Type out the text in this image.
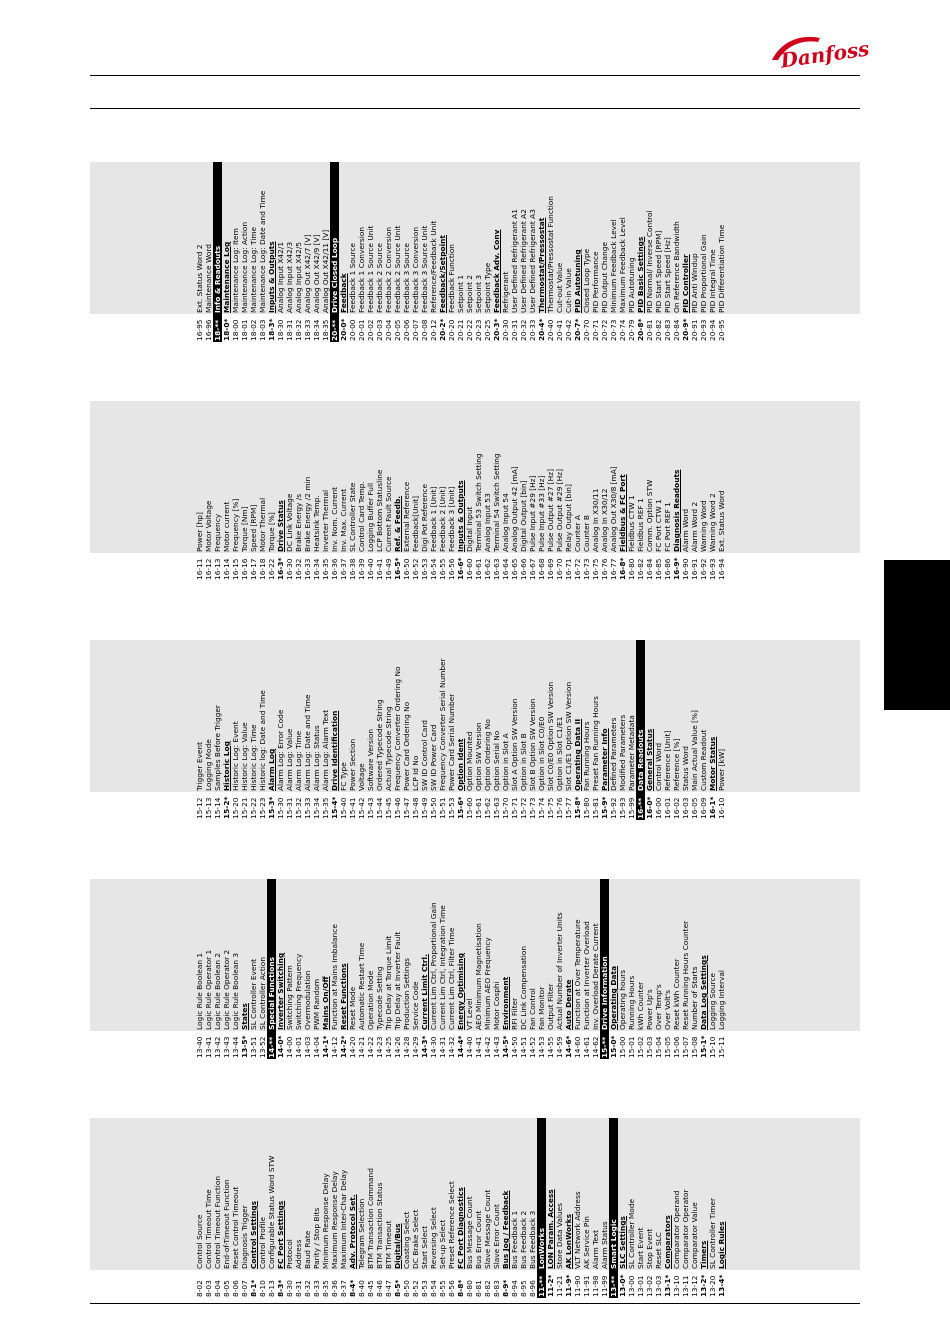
Danfoss
8-02
Control Source
8-03
Control Timeout Time
8-04
Control Timeout Function
8-05
End-of-Timeout Function
8-06
Reset Control Timeout
8-07
Diagnosis Trigger
8-1*
Control Settings
8-10
Control Profile
8-13
Configurable Status Word STW
8-3*
FC Port Settings
8-30
Protocol
8-31
Address
8-32
Baud Rate
8-33
Parity / Stop Bits
8-35
Minimum Response Delay
8-36
Maximum Response Delay
8-37
Maximum Inter-Char Delay
8-4*
Adv. Protocol Set.
8-40
Telegram Selection
8-45
BTM Transaction Command
8-46
BTM Transaction Status
8-47
BTM Timeout
8-5*
Digital/Bus
8-50
Coasting Select
8-52
DC Brake Select
8-53
Start Select
8-54
Reversing Select
8-55
Set-up Select
8-56
Preset Reference Select
8-8*
FC Port Diagnostics
8-80
Bus Message Count
8-81
Bus Error Count
8-82
Slave Message Count
8-83
Slave Error Count
8-9*
Bus Jog / Feedback
8-94
Bus Feedback 1
8-95
Bus Feedback 2
8-96
Bus Feedback 3
11-**
LonWorks
11-2*
LON Param. Access
11-21
Store Data Values
11-9*
AK LonWorks
11-90
VLT Network Address
11-91
AK Service Pin
11-98
Alarm Text
11-99
Alarm Status
13-**
Smart Logic
13-0*
SLC Settings
13-00
SL Controller Mode
13-01
Start Event
13-02
Stop Event
13-03
Reset SLC
13-1*
Comparators
13-10
Comparator Operand
13-11
Comparator Operator
13-12
Comparator Value
13-2*
Timers
13-20
SL Controller Timer
13-4*
Logic Rules
13-40
Logic Rule Boolean 1
13-41
Logic Rule Operator 1
13-42
Logic Rule Boolean 2
13-43
Logic Rule Operator 2
13-44
Logic Rule Boolean 3
13-5*
States
13-51
SL Controller Event
13-52
SL Controller Action
14-**
Special Functions
14-0*
Inverter Switching
14-00
Switching Pattern
14-01
Switching Frequency
14-03
Overmodulation
14-04
PWM Random
14-1*
Mains On/Off
14-12
Function at Mains Imbalance
14-2*
Reset Functions
14-20
Reset Mode
14-21
Automatic Restart Time
14-22
Operation Mode
14-23
Typecode Setting
14-25
Trip Delay at Torque Limit
14-26
Trip Delay at Inverter Fault
14-28
Production Settings
14-29
Service Code
14-3*
Current Limit Ctrl.
14-30
Current Lim Ctrl, Proportional Gain
14-31
Current Lim Ctrl, Integration Time
14-32
Current Lim Ctrl, Filter Time
14-4*
Energy Optimising
14-40
VT Level
14-41
AEO Minimum Magnetisation
14-42
Minimum AEO Frequency
14-43
Motor Cosphi
14-5*
Environment
14-50
RFI Filter
14-51
DC Link Compensation
14-52
Fan Control
14-53
Fan Monitor
14-55
Output Filter
14-59
Actual Number of Inverter Units
14-6*
Auto Derate
14-60
Function at Over Temperature
14-61
Function at Inverter Overload
14-62
Inv. Overload Derate Current
15-**
Drive Information
15-0*
Operating Data
15-00
Operating hours
15-01
Running Hours
15-02
kWh Counter
15-03
Power Up's
15-04
Over Temp's
15-05
Over Volt's
15-06
Reset kWh Counter
15-07
Reset Running Hours Counter
15-08
Number of Starts
15-1*
Data Log Settings
15-10
Logging Source
15-11
Logging Interval
15-12
Trigger Event
15-13
Logging Mode
15-14
Samples Before Trigger
15-2*
Historic Log
15-20
Historic Log: Event
15-21
Historic Log: Value
15-22
Historic Log: Time
15-23
Historic log: Date and Time
15-3*
Alarm Log
15-30
Alarm Log: Error Code
15-31
Alarm Log: Value
15-32
Alarm Log: Time
15-33
Alarm Log: Date and Time
15-34
Alarm Log: Status
15-35
Alarm Log: Alarm Text
15-4*
Drive Identification
15-40
FC Type
15-41
Power Section
15-42
Voltage
15-43
Software Version
15-44
Ordered Typecode String
15-45
Actual Typecode String
15-46
Frequency Converter Ordering No
15-47
Power Card Ordering No
15-48
LCP Id No
15-49
SW ID Control Card
15-50
SW ID Power Card
15-51
Frequency Converter Serial Number
15-53
Power Card Serial Number
15-6*
Option Ident
15-60
Option Mounted
15-61
Option SW Version
15-62
Option Ordering No
15-63
Option Serial No
15-70
Option in Slot A
15-71
Slot A Option SW Version
15-72
Option in Slot B
15-73
Slot B Option SW Version
15-74
Option in Slot C0/E0
15-75
Slot C0/E0 Option SW Version
15-76
Option in Slot C1/E1
15-77
Slot C1/E1 Option SW Version
15-8*
Operating Data II
15-80
Fan Running Hours
15-81
Preset Fan Running Hours
15-9*
Parameter Info
15-92
Defined Parameters
15-93
Modified Parameters
15-99
Parameter Metadata
16-**
Data Readouts
16-0*
General Status
16-00
Control Word
16-01
Reference [Unit]
16-02
Reference [%]
16-03
Status Word
16-05
Main Actual Value [%]
16-09
Custom Readout
16-1*
Motor Status
16-10
Power [kW]
16-11
Power [hp]
16-12
Motor Voltage
16-13
Frequency
16-14
Motor current
16-15
Frequency [%]
16-16
Torque [Nm]
16-17
Speed [RPM]
16-18
Motor Thermal
16-22
Torque [%]
16-3*
Drive Status
16-30
DC Link Voltage
16-32
Brake Energy /s
16-33
Brake Energy /2 min
16-34
Heatsink Temp.
16-35
Inverter Thermal
16-36
Inv. Nom. Current
16-37
Inv. Max. Current
16-38
SL Controller State
16-39
Control Card Temp.
16-40
Logging Buffer Full
16-41
LCP Bottom Statusline
16-49
Current Fault Source
16-5*
Ref. & Feedb.
16-50
External Reference
16-52
Feedback[Unit]
16-53
Digi Pot Reference
16-54
Feedback 1 [Unit]
16-55
Feedback 2 [Unit]
16-56
Feedback 3 [Unit]
16-6*
Inputs & Outputs
16-60
Digital Input
16-61
Terminal 53 Switch Setting
16-62
Analog Input 53
16-63
Terminal 54 Switch Setting
16-64
Analog Input 54
16-65
Analog Output 42 [mA]
16-66
Digital Output [bin]
16-67
Pulse Input #29 [Hz]
16-68
Pulse Input #33 [Hz]
16-69
Pulse Output #27 [Hz]
16-70
Pulse Output #29 [Hz]
16-71
Relay Output [bin]
16-72
Counter A
16-73
Counter B
16-75
Analog In X30/11
16-76
Analog In X30/12
16-77
Analog Out X30/8 [mA]
16-8*
Fieldbus & FC Port
16-80
Fieldbus CTW 1
16-82
Fieldbus REF 1
16-84
Comm. Option STW
16-85
FC Port CTW 1
16-86
FC Port REF 1
16-9*
Diagnosis Readouts
16-90
Alarm Word
16-91
Alarm Word 2
16-92
Warning Word
16-93
Warning Word 2
16-94
Ext. Status Word
16-95
Ext. Status Word 2
16-96
Maintenance Word
18-**
Info & Readouts
18-0*
Maintenance Log
18-00
Maintenance Log: Item
18-01
Maintenance Log: Action
18-02
Maintenance Log: Time
18-03
Maintenance Log: Date and Time
18-3*
Inputs & Outputs
18-30
Analog Input X42/1
18-31
Analog Input X42/3
18-32
Analog Input X42/5
18-33
Analog Out X42/7 [V]
18-34
Analog Out X42/9 [V]
18-35
Analog Out X42/11 [V]
20-**
Drive Closed Loop
20-0*
Feedback
20-00
Feedback 1 Source
20-01
Feedback 1 Conversion
20-02
Feedback 1 Source Unit
20-03
Feedback 2 Source
20-04
Feedback 2 Conversion
20-05
Feedback 2 Source Unit
20-06
Feedback 3 Source
20-07
Feedback 3 Conversion
20-08
Feedback 3 Source Unit
20-12
Reference/Feedback Unit
20-2*
Feedback/Setpoint
20-20
Feedback Function
20-21
Setpoint 1
20-22
Setpoint 2
20-23
Setpoint 3
20-25
Setpoint Type
20-3*
Feedback Adv. Conv
20-30
Refrigerant
20-31
User Defined Refrigerant A1
20-32
User Defined Refrigerant A2
20-33
User Defined Refrigerant A3
20-4*
Thermostat/Pressostat
20-40
Thermostat/Pressostat Function
20-41
Cut-out Value
20-42
Cut-in Value
20-7*
PID Autotuning
20-70
Closed Loop Type
20-71
PID Performance
20-72
PID Output Change
20-73
Minimum Feedback Level
20-74
Maximum Feedback Level
20-79
PID Autotuning
20-8*
PID Basic Settings
20-81
PID Normal/ Inverse Control
20-82
PID Start Speed [RPM]
20-83
PID Start Speed [Hz]
20-84
On Reference Bandwidth
20-9*
PID Controller
20-91
PID Anti Windup
20-93
PID Proportional Gain
20-94
PID Integral Time
20-95
PID Differentiation Time
